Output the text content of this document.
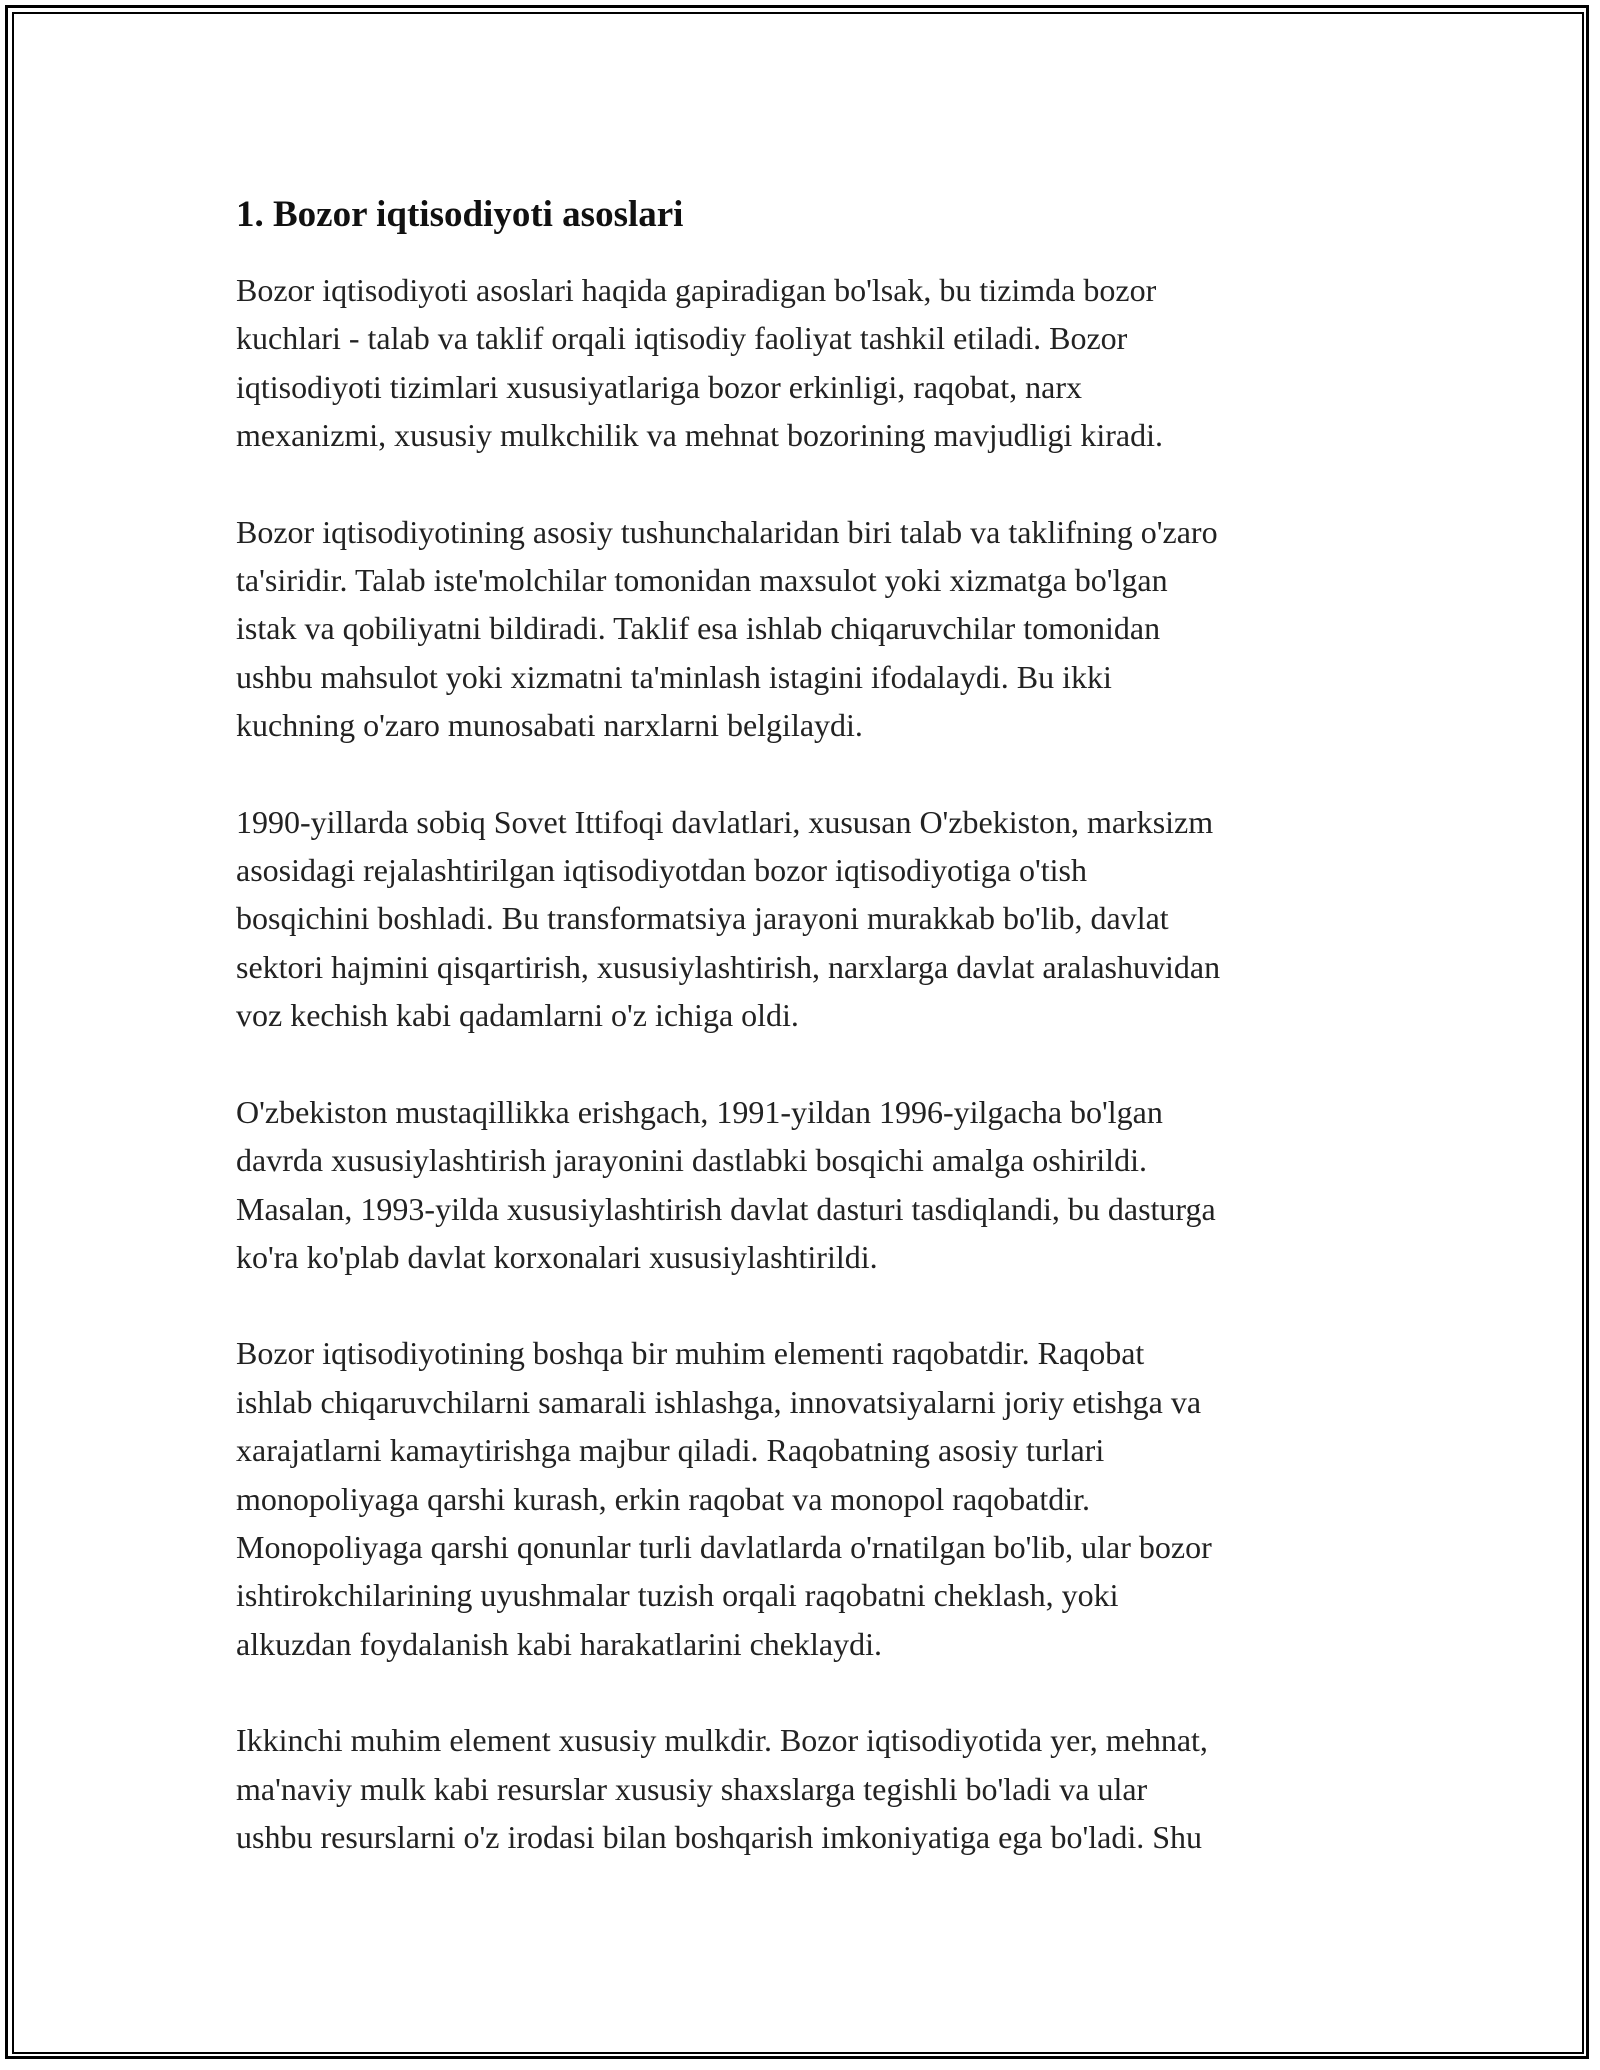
1. Bozor iqtisodiyoti asoslari

Bozor iqtisodiyoti asoslari haqida gapiradigan bo'lsak, bu tizimda bozor
kuchlari - talab va taklif orqali iqtisodiy faoliyat tashkil etiladi. Bozor
iqtisodiyoti tizimlari xususiyatlariga bozor erkinligi, raqobat, narx
mexanizmi, xususiy mulkchilik va mehnat bozorining mavjudligi kiradi.

Bozor iqtisodiyotining asosiy tushunchalaridan biri talab va taklifning o'zaro
ta'siridir. Talab iste'molchilar tomonidan maxsulot yoki xizmatga bo'lgan
istak va qobiliyatni bildiradi. Taklif esa ishlab chiqaruvchilar tomonidan
ushbu mahsulot yoki xizmatni ta'minlash istagini ifodalaydi. Bu ikki
kuchning o'zaro munosabati narxlarni belgilaydi.

1990-yillarda sobiq Sovet Ittifoqi davlatlari, xususan O'zbekiston, marksizm
asosidagi rejalashtirilgan iqtisodiyotdan bozor iqtisodiyotiga o'tish
bosqichini boshladi. Bu transformatsiya jarayoni murakkab bo'lib, davlat
sektori hajmini qisqartirish, xususiylashtirish, narxlarga davlat aralashuvidan
voz kechish kabi qadamlarni o'z ichiga oldi.

O'zbekiston mustaqillikka erishgach, 1991-yildan 1996-yilgacha bo'lgan
davrda xususiylashtirish jarayonini dastlabki bosqichi amalga oshirildi.
Masalan, 1993-yilda xususiylashtirish davlat dasturi tasdiqlandi, bu dasturga
ko'ra ko'plab davlat korxonalari xususiylashtirildi.

Bozor iqtisodiyotining boshqa bir muhim elementi raqobatdir. Raqobat
ishlab chiqaruvchilarni samarali ishlashga, innovatsiyalarni joriy etishga va
xarajatlarni kamaytirishga majbur qiladi. Raqobatning asosiy turlari
monopoliyaga qarshi kurash, erkin raqobat va monopol raqobatdir.
Monopoliyaga qarshi qonunlar turli davlatlarda o'rnatilgan bo'lib, ular bozor
ishtirokchilarining uyushmalar tuzish orqali raqobatni cheklash, yoki
alkuzdan foydalanish kabi harakatlarini cheklaydi.

Ikkinchi muhim element xususiy mulkdir. Bozor iqtisodiyotida yer, mehnat,
ma'naviy mulk kabi resurslar xususiy shaxslarga tegishli bo'ladi va ular
ushbu resurslarni o'z irodasi bilan boshqarish imkoniyatiga ega bo'ladi. Shu
